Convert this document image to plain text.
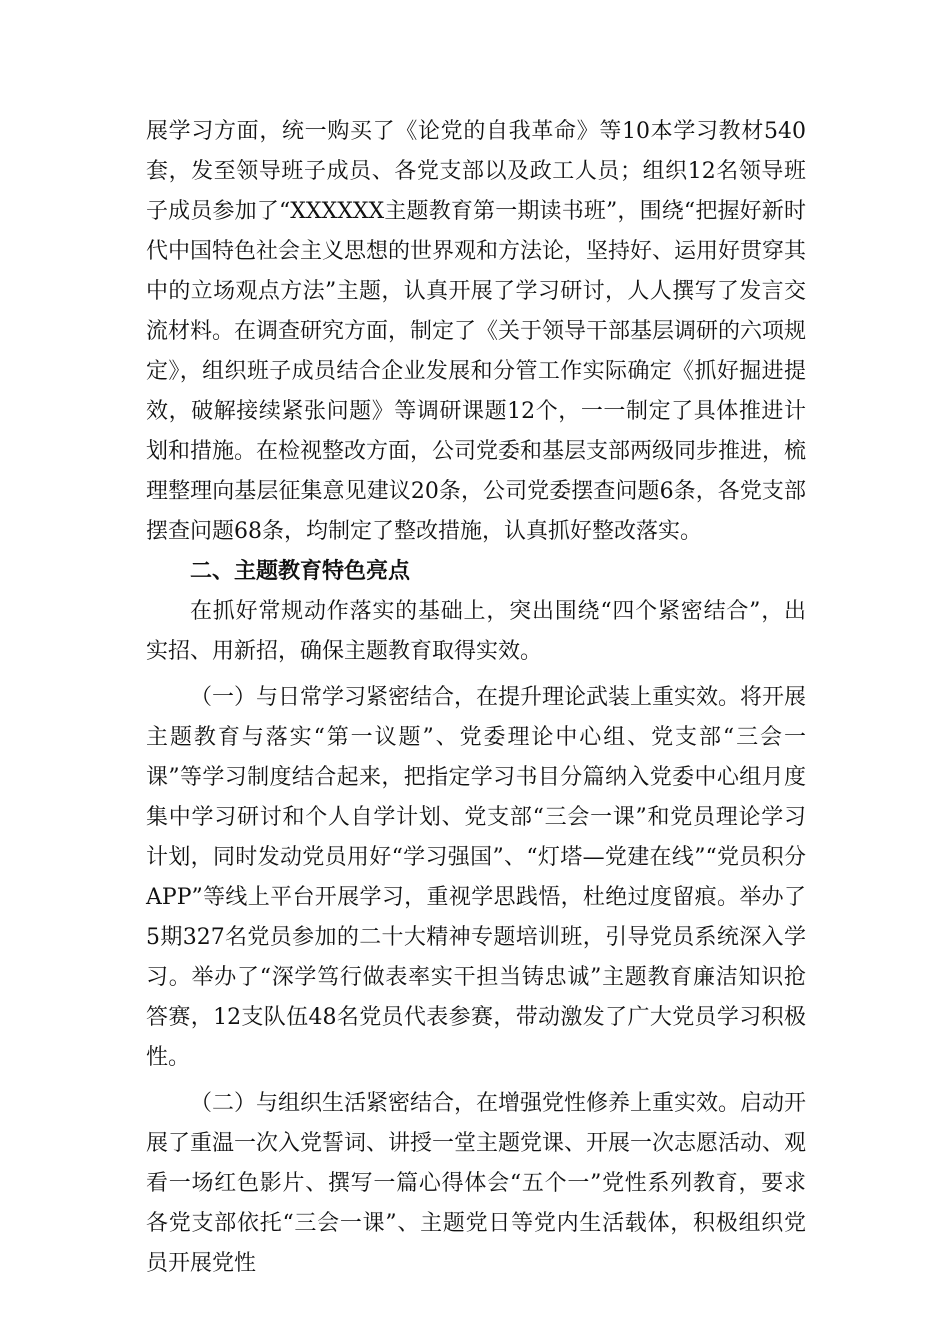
展学习方面，统一购买了《论党的自我革命》等10本学习教材540套，发至领导班子成员、各党支部以及政工人员；组织12名领导班子成员参加了“XXXXXX主题教育第一期读书班”，围绕“把握好新时代中国特色社会主义思想的世界观和方法论，坚持好、运用好贯穿其中的立场观点方法”主题，认真开展了学习研讨，人人撰写了发言交流材料。在调查研究方面，制定了《关于领导干部基层调研的六项规定》，组织班子成员结合企业发展和分管工作实际确定《抓好掘进提效，破解接续紧张问题》等调研课题12个，一一制定了具体推进计划和措施。在检视整改方面，公司党委和基层支部两级同步推进，梳理整理向基层征集意见建议20条，公司党委摆查问题6条，各党支部摆查问题68条，均制定了整改措施，认真抓好整改落实。

二、主题教育特色亮点

在抓好常规动作落实的基础上，突出围绕“四个紧密结合”，出实招、用新招，确保主题教育取得实效。

（一）与日常学习紧密结合，在提升理论武装上重实效。将开展主题教育与落实“第一议题”、党委理论中心组、党支部“三会一课”等学习制度结合起来，把指定学习书目分篇纳入党委中心组月度集中学习研讨和个人自学计划、党支部“三会一课”和党员理论学习计划，同时发动党员用好“学习强国”、“灯塔—党建在线”“党员积分APP”等线上平台开展学习，重视学思践悟，杜绝过度留痕。举办了5期327名党员参加的二十大精神专题培训班，引导党员系统深入学习。举办了“深学笃行做表率实干担当铸忠诚”主题教育廉洁知识抢答赛，12支队伍48名党员代表参赛，带动激发了广大党员学习积极性。

（二）与组织生活紧密结合，在增强党性修养上重实效。启动开展了重温一次入党誓词、讲授一堂主题党课、开展一次志愿活动、观看一场红色影片、撰写一篇心得体会“五个一”党性系列教育，要求各党支部依托“三会一课”、主题党日等党内生活载体，积极组织党员开展党性
